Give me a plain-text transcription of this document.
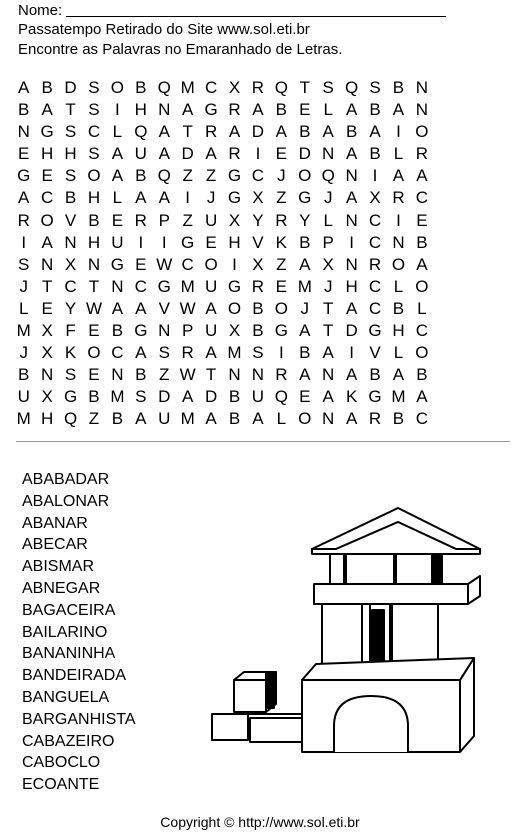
Nome:
Passatempo Retirado do Site www.sol.eti.br
Encontre as Palavras no Emaranhado de Letras.
A B D S O B Q M C X R Q T S Q S B N
B A T S I H N A G R A B E L A B A N
N G S C L Q A T R A D A B A B A I O
E H H S A U A D A R I E D N A B L R
G E S O A B Q Z Z G C J O Q N I A A
A C B H L A A I J G X Z G J A X R C
R O V B E R P Z U X Y R Y L N C I E
I A N H U I	I G E H V K B P I C N B
S N X N G E W C O I X Z A X N R O A
J T C T N C G M U G R E M J H C L O
L E Y W A A V W A O B O J T A C B L
M X F E B G N P U X B G A T D G H C
J X K O C A S R A M S I B A I V L O
B N S E N B Z W T N N R A N A B A B
U X G B M S D A D B U Q E A K G M A
M H Q Z B A U M A B A L O N A R B C
ABABADAR
ABALONAR
ABANAR
ABECAR
ABISMAR
ABNEGAR
BAGACEIRA
BAILARINO
BANANINHA
BANDEIRADA
BANGUELA
BARGANHISTA
CABAZEIRO
CABOCLO
ECOANTE
Copyright © http://www.sol.eti.br
